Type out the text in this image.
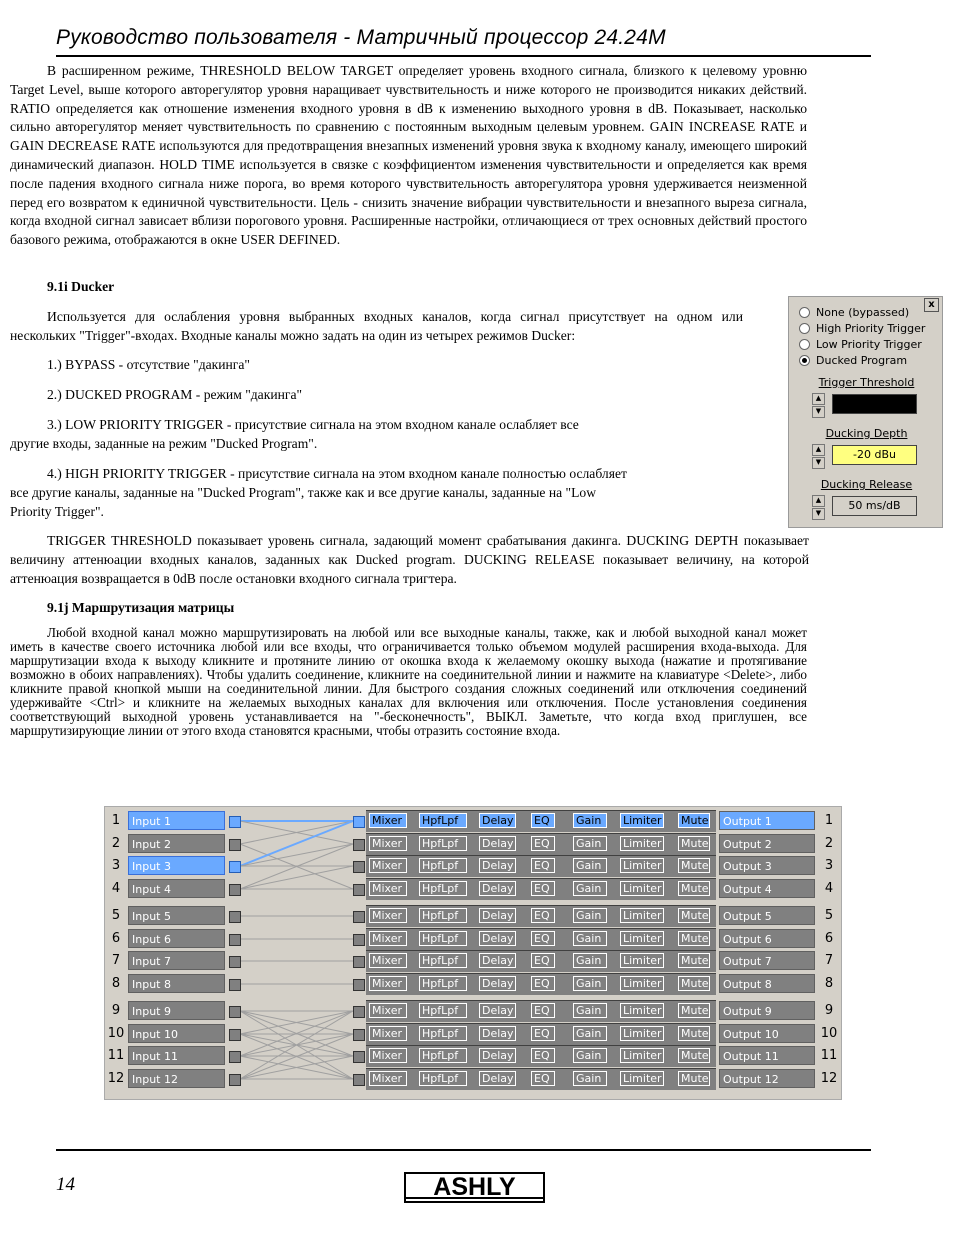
Руководство пользователя - Матричный процессор 24.24M

В расширенном режиме, THRESHOLD BELOW TARGET определяет уровень входного сигнала, близкого к целевому уровню Target Level, выше которого авторегулятор уровня наращивает чувствительность и ниже которого не производится никаких действий. RATIO определяется как отношение изменения входного уровня в dB к изменению выходного уровня в dB. Показывает, насколько сильно авторегулятор меняет чувствительность по сравнению с постоянным выходным целевым уровнем. GAIN INCREASE RATE и GAIN DECREASE RATE используются для предотвращения внезапных изменений уровня звука к входному каналу, имеющего широкий динамический диапазон. HOLD TIME используется в связке с коэффициентом изменения чувствительности и определяется как время после падения входного сигнала ниже порога, во время которого чувствительность авторегулятора уровня удерживается неизменной перед его возвратом к единичной чувствительности. Цель - снизить значение вибрации чувствительности и внезапного выреза сигнала, когда входной сигнал зависает вблизи порогового уровня. Расширенные настройки, отличающиеся от трех основных действий простого базового режима, отображаются в окне USER DEFINED.

9.1i Ducker

Используется для ослабления уровня выбранных входных каналов, когда сигнал присутствует на одном или нескольких "Trigger"-входах. Входные каналы можно задать на один из четырех режимов Ducker:

1.) BYPASS - отсутствие "дакинга"
2.) DUCKED PROGRAM - режим "дакинга"

3.) LOW PRIORITY TRIGGER - присутствие сигнала на этом входном канале ослабляет все другие входы, заданные на режим "Ducked Program".

4.) HIGH PRIORITY TRIGGER - присутствие сигнала на этом входном канале полностью ослабляет все другие каналы, заданные на "Ducked Program", также как и все другие каналы, заданные на "Low Priority Trigger".

TRIGGER THRESHOLD показывает уровень сигнала, задающий момент срабатывания дакинга. DUCKING DEPTH показывает величину аттенюации входных каналов, заданных как Ducked program. DUCKING RELEASE показывает величину, на которой аттенюация возвращается в 0dB после остановки входного сигнала тригтера.

x
None (bypassed)
High Priority Trigger
Low Priority Trigger
Ducked Program
Trigger Threshold
▲
▼
Ducking Depth
▲
▼
-20 dBu
Ducking Release
▲
▼
50 ms/dB
9.1j Маршрутизация матрицы

Любой входной канал можно маршрутизировать на любой или все выходные каналы, также, как и любой выходной канал может иметь в качестве своего источника любой или все входы, что ограничивается только объемом модулей расширения входа-выхода. Для маршрутизации входа к выходу кликните и протяните линию от окошка входа к желаемому окошку выхода (нажатие и протягивание возможно в обоих направлениях). Чтобы удалить соединение, кликните на соединительной линии и нажмите на клавиатуре <Delete>, либо кликните правой кнопкой мыши на соединительной линии. Для быстрого создания сложных соединений или отключения соединений удерживайте <Ctrl> и кликните на желаемых выходных каналах для включения или отключения. После установления соединения соответствующий выходной уровень устанавливается на "-бесконечность", ВЫКЛ. Заметьте, что когда вход приглушен, все маршрутизирующие линии от этого входа становятся красными, чтобы отразить состояние входа.

1	Input 1	Mixer	HpfLpf	Delay EQ	Gain	Limiter Mute	Output 1	1
2	Input 2	Mixer	HpfLpf	Delay EQ	Gain	Limiter Mute	Output 2	2
3	Input 3	Mixer	HpfLpf	Delay EQ	Gain	Limiter Mute	Output 3	3
4	Input 4	Mixer	HpfLpf	Delay EQ	Gain	Limiter Mute	Output 4	4
5	Input 5	Mixer	HpfLpf	Delay EQ	Gain	Limiter Mute	Output 5	5
6	Input 6	Mixer	HpfLpf	Delay EQ	Gain	Limiter Mute	Output 6	6
7	Input 7	Mixer	HpfLpf	Delay EQ	Gain	Limiter Mute	Output 7	7
8	Input 8	Mixer	HpfLpf	Delay EQ	Gain	Limiter Mute	Output 8	8
9	Input 9	Mixer	HpfLpf	Delay EQ	Gain	Limiter Mute	Output 9	9
10 Input 10	Mixer	HpfLpf	Delay EQ	Gain	Limiter Mute	Output 10	10
11 Input 11	Mixer	HpfLpf	Delay EQ	Gain	Limiter Mute	Output 11	11
12 Input 12	Mixer	HpfLpf	Delay EQ	Gain	Limiter Mute	Output 12	12
14	ASHLY
